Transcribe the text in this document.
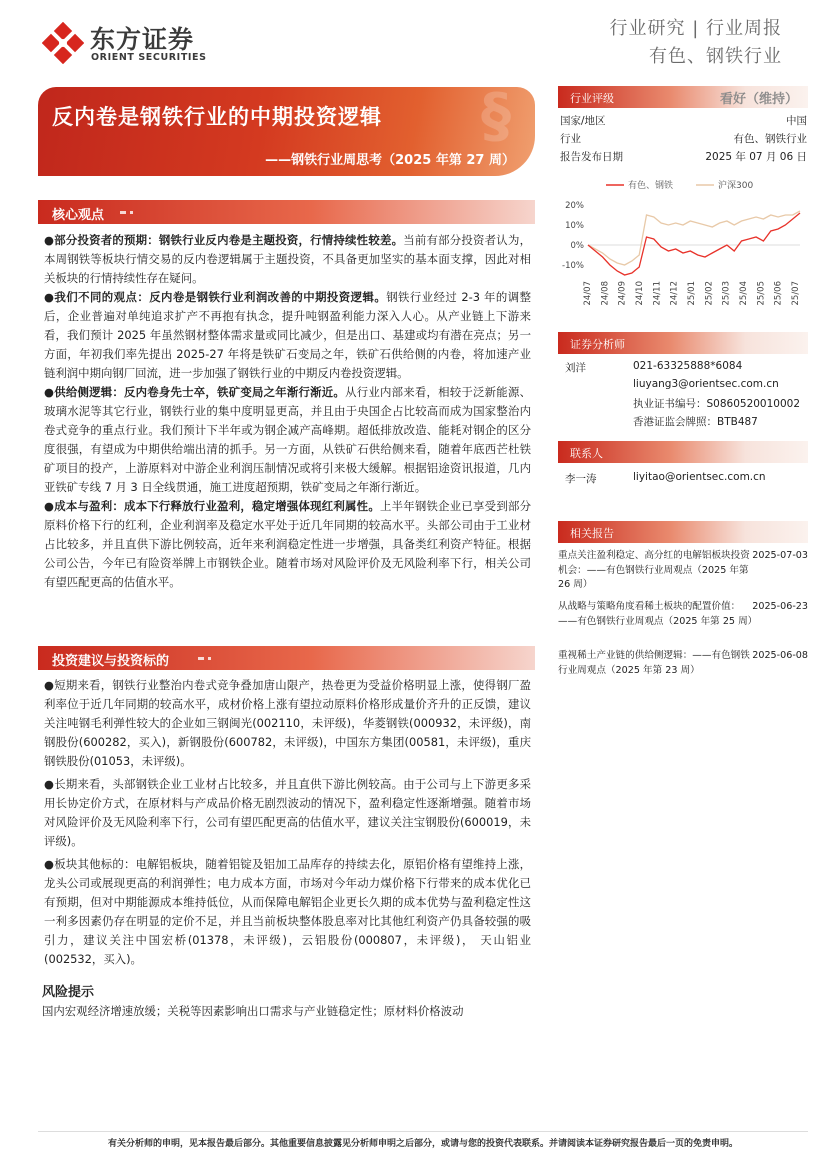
东方证券
ORIENT SECURITIES
行业研究 | 行业周报
有色、钢铁行业
§
反内卷是钢铁行业的中期投资逻辑
——钢铁行业周思考（2025 年第 27 周）
核心观点

●部分投资者的预期：钢铁行业反内卷是主题投资，行情持续性较差。当前有部分投资者认为，本周钢铁等板块行情交易的反内卷逻辑属于主题投资，不具备更加坚实的基本面支撑，因此对相关板块的行情持续性存在疑问。

●我们不同的观点：反内卷是钢铁行业利润改善的中期投资逻辑。钢铁行业经过 2-3 年的调整后，企业普遍对单纯追求扩产不再抱有执念，提升吨钢盈利能力深入人心。从产业链上下游来看，我们预计 2025 年虽然钢材整体需求量或同比减少，但是出口、基建或均有潜在亮点；另一方面，年初我们率先提出 2025-27 年将是铁矿石变局之年，铁矿石供给侧的内卷，将加速产业链利润中期向钢厂回流，进一步加强了钢铁行业的中期反内卷投资逻辑。

●供给侧逻辑：反内卷身先士卒，铁矿变局之年渐行渐近。从行业内部来看，相较于泛新能源、玻璃水泥等其它行业，钢铁行业的集中度明显更高，并且由于央国企占比较高而成为国家整治内卷式竞争的重点行业。我们预计下半年或为钢企减产高峰期。超低排放改造、能耗对钢企的区分度很强，有望成为中期供给端出清的抓手。另一方面，从铁矿石供给侧来看，随着年底西芒杜铁矿项目的投产，上游原料对中游企业利润压制情况或将引来极大缓解。根据铝途资讯报道，几内亚铁矿专线 7 月 3 日全线贯通，施工进度超预期，铁矿变局之年渐行渐近。

●成本与盈利：成本下行释放行业盈利，稳定增强体现红利属性。上半年钢铁企业已享受到部分原料价格下行的红利，企业利润率及稳定水平处于近几年同期的较高水平。头部公司由于工业材占比较多，并且直供下游比例较高，近年来利润稳定性进一步增强，具备类红利资产特征。根据公司公告，今年已有险资举牌上市钢铁企业。随着市场对风险评价及无风险利率下行，相关公司有望匹配更高的估值水平。

投资建议与投资标的

●短期来看，钢铁行业整治内卷式竞争叠加唐山限产，热卷更为受益价格明显上涨，使得钢厂盈利率位于近几年同期的较高水平，成材价格上涨有望拉动原料价格形成量价齐升的正反馈，建议关注吨钢毛利弹性较大的企业如三钢闽光(002110，未评级)，华菱钢铁(000932，未评级)，南钢股份(600282，买入)，新钢股份(600782，未评级)，中国东方集团(00581，未评级)，重庆钢铁股份(01053，未评级)。

●长期来看，头部钢铁企业工业材占比较多，并且直供下游比例较高。由于公司与上下游更多采用长协定价方式，在原材料与产成品价格无剧烈波动的情况下，盈利稳定性逐渐增强。随着市场对风险评价及无风险利率下行，公司有望匹配更高的估值水平，建议关注宝钢股份(600019，未评级)。

●板块其他标的：电解铝板块，随着铝锭及铝加工品库存的持续去化，原铝价格有望维持上涨，龙头公司或展现更高的利润弹性；电力成本方面，市场对今年动力煤价格下行带来的成本优化已有预期，但对中期能源成本维持低位，从而保障电解铝企业更长久期的成本优势与盈利稳定性这一利多因素仍存在明显的定价不足，并且当前板块整体股息率对比其他红利资产仍具备较强的吸引力，建议关注中国宏桥(01378，未评级)，云铝股份(000807，未评级)， 天山铝业(002532，买入)。

风险提示
国内宏观经济增速放缓；关税等因素影响出口需求与产业链稳定性；原材料价格波动
行业评级	看好（维持）
国家/地区	中国
行业	有色、钢铁行业
报告发布日期	2025 年 07 月 06 日
有色、钢铁	沪深300
20%
10%
0%
-10%
24/07 24/08 24/09 24/10 24/11 24/12 25/01 25/02 25/03 25/04 25/05 25/06 25/07
证券分析师
刘洋	021-63325888*6084
liuyang3@orientsec.com.cn
执业证书编号：S0860520010002
香港证监会牌照：BTB487
联系人
李一涛	liyitao@orientsec.com.cn
相关报告
重点关注盈利稳定、高分红的电解铝板块投资机会：——有色钢铁行业周观点（2025 年第 26 周）
2025-07-03
从战略与策略角度看稀土板块的配置价值：——有色钢铁行业周观点（2025 年第 25 周）
2025-06-23
重视稀土产业链的供给侧逻辑：——有色钢铁行业周观点（2025 年第 23 周）
2025-06-08
有关分析师的申明，见本报告最后部分。其他重要信息披露见分析师申明之后部分，或请与您的投资代表联系。并请阅读本证券研究报告最后一页的免责申明。
